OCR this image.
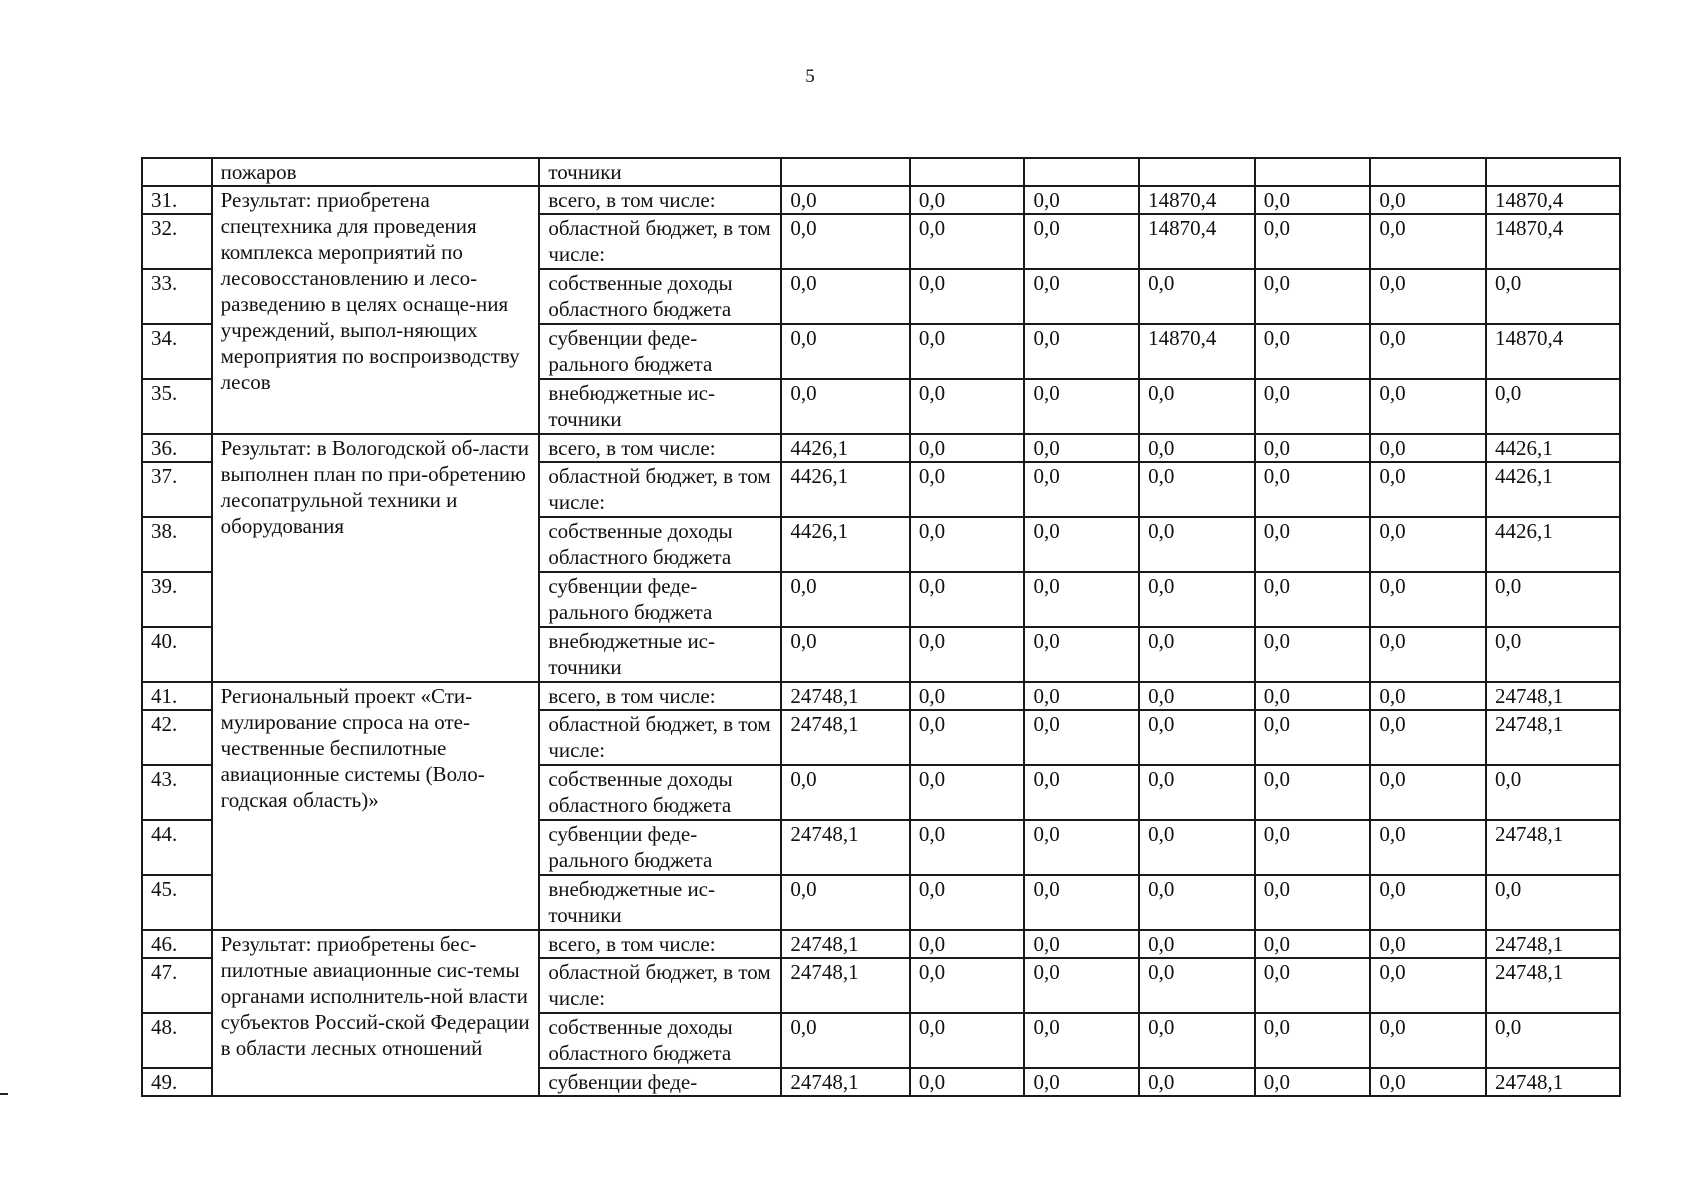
5
	пожаров	точники							
31.	Результат: приобретена спецтехника для проведения комплекса мероприятий по лесовосстановлению и лесо-разведению в целях оснаще-ния учреждений, выпол-няющих мероприятия по воспроизводству лесов	всего, в том числе:	0,0	0,0	0,0	14870,4	0,0	0,0	14870,4
32.		областной бюджет, в том числе:	0,0	0,0	0,0	14870,4	0,0	0,0	14870,4
33.		собственные доходы областного бюджета	0,0	0,0	0,0	0,0	0,0	0,0	0,0
34.		субвенции феде- рального бюджета	0,0	0,0	0,0	14870,4	0,0	0,0	14870,4
35.		внебюджетные ис-точники	0,0	0,0	0,0	0,0	0,0	0,0	0,0
36.	Результат: в Вологодской об-ласти выполнен план по при-обретению лесопатрульной техники и оборудования	всего, в том числе:	4426,1	0,0	0,0	0,0	0,0	0,0	4426,1
37.		областной бюджет, в том числе:	4426,1	0,0	0,0	0,0	0,0	0,0	4426,1
38.		собственные доходы областного бюджета	4426,1	0,0	0,0	0,0	0,0	0,0	4426,1
39.		субвенции феде-рального бюджета	0,0	0,0	0,0	0,0	0,0	0,0	0,0
40.		внебюджетные ис-точники	0,0	0,0	0,0	0,0	0,0	0,0	0,0
41.	Региональный проект «Сти-мулирование спроса на оте-чественные беспилотные авиационные системы (Воло-годская область)»	всего, в том числе:	24748,1	0,0	0,0	0,0	0,0	0,0	24748,1
42.		областной бюджет, в том числе:	24748,1	0,0	0,0	0,0	0,0	0,0	24748,1
43.		собственные доходы областного бюджета	0,0	0,0	0,0	0,0	0,0	0,0	0,0
44.		субвенции феде-рального бюджета	24748,1	0,0	0,0	0,0	0,0	0,0	24748,1
45.		внебюджетные ис-точники	0,0	0,0	0,0	0,0	0,0	0,0	0,0
46.	Результат: приобретены бес-пилотные авиационные сис-темы органами исполнитель-ной власти субъектов Россий-ской Федерации в области лесных отношений	всего, в том числе:	24748,1	0,0	0,0	0,0	0,0	0,0	24748,1
47.		областной бюджет, в том числе:	24748,1	0,0	0,0	0,0	0,0	0,0	24748,1
48.		собственные доходы областного бюджета	0,0	0,0	0,0	0,0	0,0	0,0	0,0
49.		субвенции феде-	24748,1	0,0	0,0	0,0	0,0	0,0	24748,1
